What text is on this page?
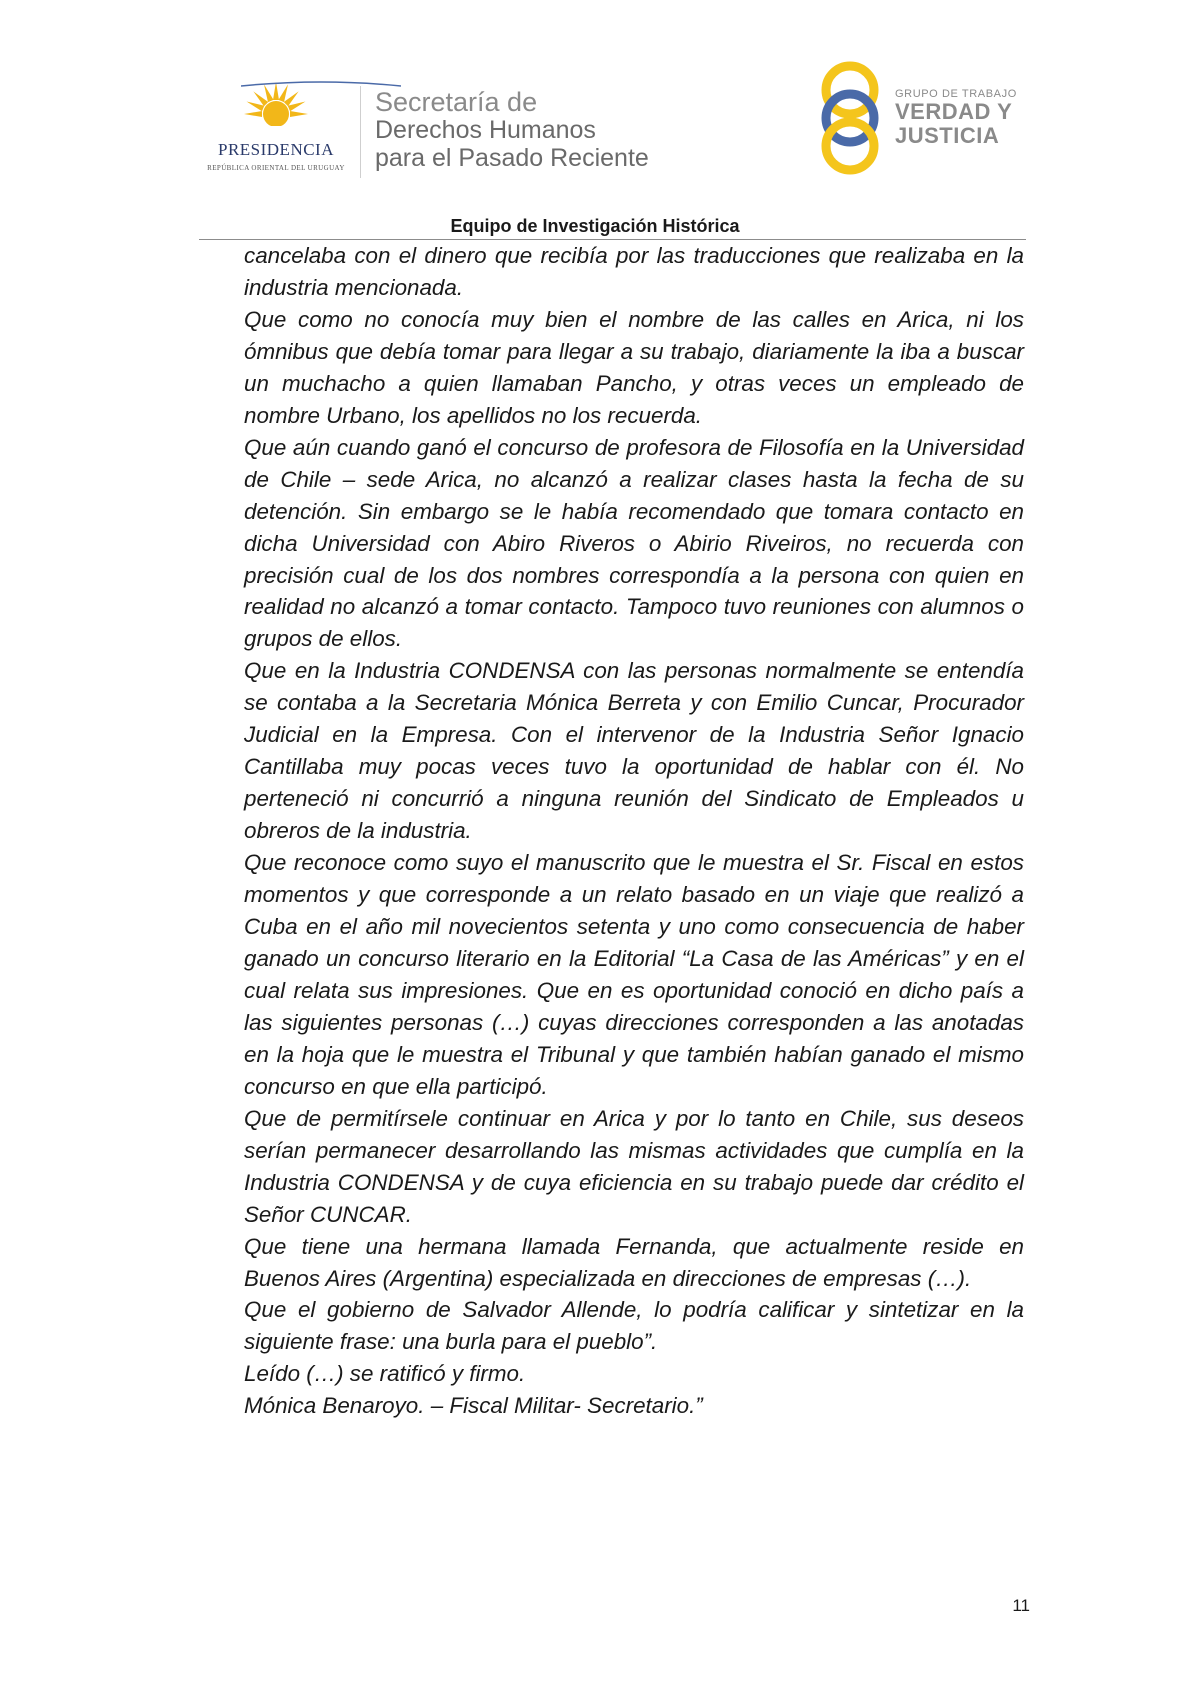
PRESIDENCIA
REPÚBLICA ORIENTAL DEL URUGUAY
Secretaría de
Derechos Humanos
para el Pasado Reciente
GRUPO DE TRABAJO
VERDAD Y
JUSTICIA
Equipo de Investigación Histórica

cancelaba con el dinero que recibía por las traducciones que realizaba en la industria mencionada.

Que como no conocía muy bien el nombre de las calles en Arica, ni los ómnibus que debía tomar para llegar a su trabajo, diariamente la iba a buscar un muchacho a quien llamaban Pancho, y otras veces un empleado de nombre Urbano, los apellidos no los recuerda.

Que aún cuando ganó el concurso de profesora de Filosofía en la Universidad de Chile – sede Arica, no alcanzó a realizar clases hasta la fecha de su detención. Sin embargo se le había recomendado que tomara contacto en dicha Universidad con Abiro Riveros o Abirio Riveiros, no recuerda con precisión cual de los dos nombres correspondía a la persona con quien en realidad no alcanzó a tomar contacto. Tampoco tuvo reuniones con alumnos o grupos de ellos.

Que en la Industria CONDENSA con las personas normalmente se entendía se contaba a la Secretaria Mónica Berreta y con Emilio Cuncar, Procurador Judicial en la Empresa. Con el intervenor de la Industria Señor Ignacio Cantillaba muy pocas veces tuvo la oportunidad de hablar con él. No perteneció ni concurrió a ninguna reunión del Sindicato de Empleados u obreros de la industria.

Que reconoce como suyo el manuscrito que le muestra el Sr. Fiscal en estos momentos y que corresponde a un relato basado en un viaje que realizó a Cuba en el año mil novecientos setenta y uno como consecuencia de haber ganado un concurso literario en la Editorial “La Casa de las Américas” y en el cual relata sus impresiones. Que en es oportunidad conoció en dicho país a las siguientes personas (…) cuyas direcciones corresponden a las anotadas en la hoja que le muestra el Tribunal y que también habían ganado el mismo concurso en que ella participó.

Que de permitírsele continuar en Arica y por lo tanto en Chile, sus deseos serían permanecer desarrollando las mismas actividades que cumplía en la Industria CONDENSA y de cuya eficiencia en su trabajo puede dar crédito el Señor CUNCAR.

Que tiene una hermana llamada Fernanda, que actualmente reside en Buenos Aires (Argentina) especializada en direcciones de empresas (…).

Que el gobierno de Salvador Allende, lo podría calificar y sintetizar en la siguiente frase: una burla para el pueblo”.

Leído (…) se ratificó y firmo.

Mónica Benaroyo. – Fiscal Militar- Secretario.”

11
